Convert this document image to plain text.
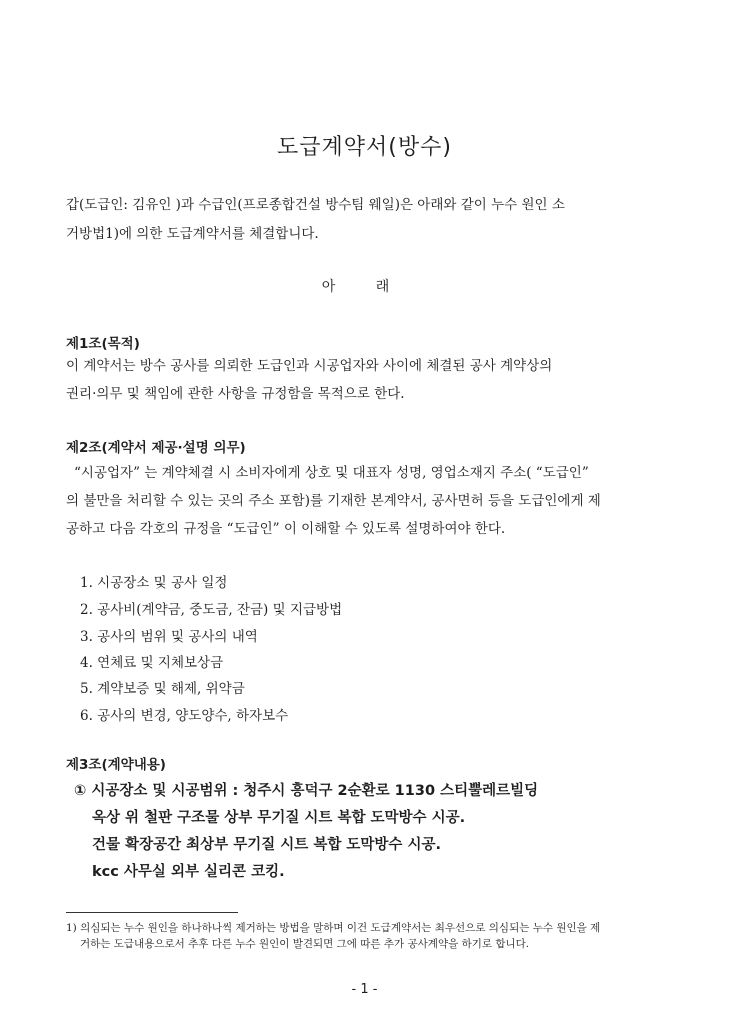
도급계약서(방수)
갑(도급인: 김유인 )과 수급인(프로종합건설 방수팀 웨일)은 아래와 같이 누수 원인 소
거방법1)에 의한 도급계약서를 체결합니다.
아 래
제1조(목적)
이 계약서는 방수 공사를 의뢰한 도급인과 시공업자와 사이에 체결된 공사 계약상의
권리·의무 및 책임에 관한 사항을 규정함을 목적으로 한다.
제2조(계약서 제공·설명 의무)
“시공업자” 는 계약체결 시 소비자에게 상호 및 대표자 성명, 영업소재지 주소( “도급인”
의 불만을 처리할 수 있는 곳의 주소 포함)를 기재한 본계약서, 공사면허 등을 도급인에게 제
공하고 다음 각호의 규정을 “도급인” 이 이해할 수 있도록 설명하여야 한다.
1. 시공장소 및 공사 일정
2. 공사비(계약금, 중도금, 잔금) 및 지급방법
3. 공사의 범위 및 공사의 내역
4. 연체료 및 지체보상금
5. 계약보증 및 해제, 위약금
6. 공사의 변경, 양도양수, 하자보수
제3조(계약내용)
① 시공장소 및 시공범위 : 청주시 흥덕구 2순환로 1130 스티뿔레르빌딩
옥상 위 철판 구조물 상부 무기질 시트 복합 도막방수 시공.
건물 확장공간 최상부 무기질 시트 복합 도막방수 시공.
kcc 사무실 외부 실리콘 코킹.
1) 의심되는 누수 원인을 하나하나씩 제거하는 방법을 말하며 이건 도급계약서는 최우선으로 의심되는 누수 원인을 제
거하는 도급내용으로서 추후 다른 누수 원인이 발견되면 그에 따른 추가 공사계약을 하기로 합니다.
- 1 -
